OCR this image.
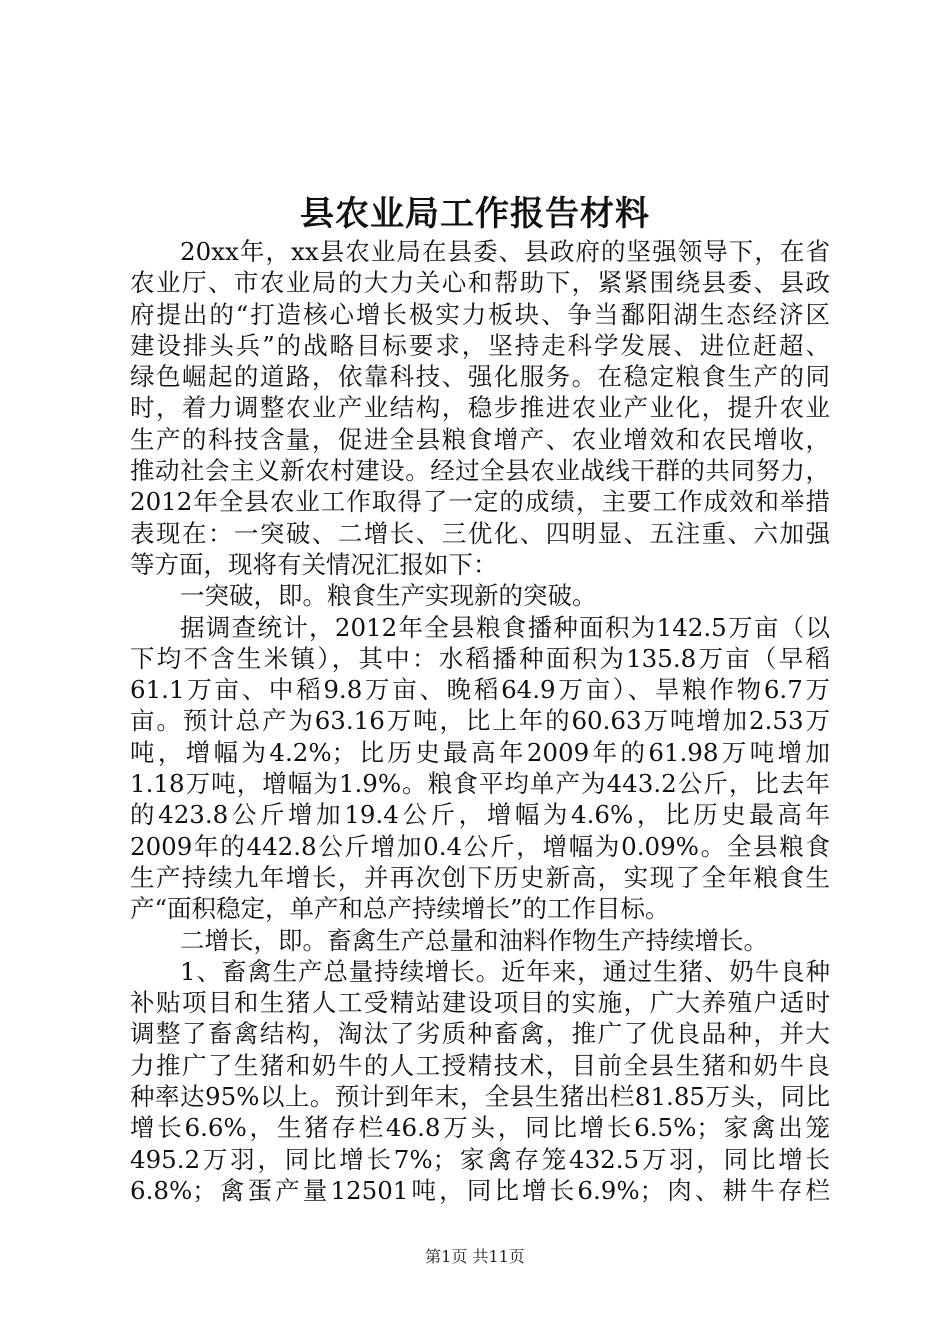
县农业局工作报告材料
20xx年，xx县农业局在县委、县政府的坚强领导下，在省
农业厅、市农业局的大力关心和帮助下，紧紧围绕县委、县政
府提出的“打造核心增长极实力板块、争当鄱阳湖生态经济区
建设排头兵”的战略目标要求，坚持走科学发展、进位赶超、
绿色崛起的道路，依靠科技、强化服务。在稳定粮食生产的同
时，着力调整农业产业结构，稳步推进农业产业化，提升农业
生产的科技含量，促进全县粮食增产、农业增效和农民增收，
推动社会主义新农村建设。经过全县农业战线干群的共同努力，
2012年全县农业工作取得了一定的成绩，主要工作成效和举措
表现在：一突破、二增长、三优化、四明显、五注重、六加强
等方面，现将有关情况汇报如下：
一突破，即。粮食生产实现新的突破。
据调查统计，2012年全县粮食播种面积为142.5万亩（以
下均不含生米镇），其中：水稻播种面积为135.8万亩（早稻
61.1万亩、中稻9.8万亩、晚稻64.9万亩）、旱粮作物6.7万
亩。预计总产为63.16万吨，比上年的60.63万吨增加2.53万
吨，增幅为4.2%；比历史最高年2009年的61.98万吨增加
1.18万吨，增幅为1.9%。粮食平均单产为443.2公斤，比去年
的423.8公斤增加19.4公斤，增幅为4.6%，比历史最高年
2009年的442.8公斤增加0.4公斤，增幅为0.09%。全县粮食
生产持续九年增长，并再次创下历史新高，实现了全年粮食生
产“面积稳定，单产和总产持续增长”的工作目标。
二增长，即。畜禽生产总量和油料作物生产持续增长。
1、畜禽生产总量持续增长。近年来，通过生猪、奶牛良种
补贴项目和生猪人工受精站建设项目的实施，广大养殖户适时
调整了畜禽结构，淘汰了劣质种畜禽，推广了优良品种，并大
力推广了生猪和奶牛的人工授精技术，目前全县生猪和奶牛良
种率达95%以上。预计到年末，全县生猪出栏81.85万头，同比
增长6.6%，生猪存栏46.8万头，同比增长6.5%；家禽出笼
495.2万羽，同比增长7%；家禽存笼432.5万羽，同比增长
6.8%；禽蛋产量12501吨，同比增长6.9%；肉、耕牛存栏
第1页 共11页
